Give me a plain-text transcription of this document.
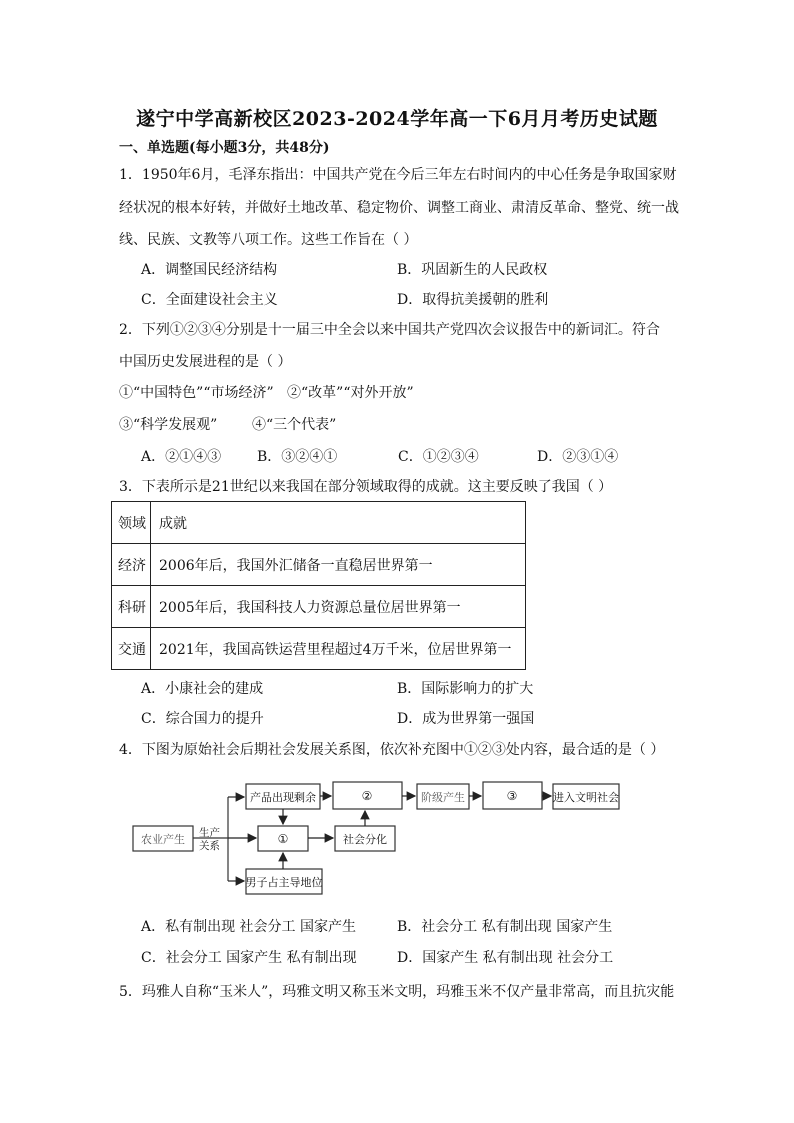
遂宁中学高新校区2023-2024学年高一下6月月考历史试题
一、单选题(每小题3分，共48分)
1．1950年6月，毛泽东指出：中国共产党在今后三年左右时间内的中心任务是争取国家财
经状况的根本好转，并做好土地改革、稳定物价、调整工商业、肃清反革命、整党、统一战
线、民族、文教等八项工作。这些工作旨在（ ）
A．调整国民经济结构	B．巩固新生的人民政权
C．全面建设社会主义	D．取得抗美援朝的胜利
2．下列①②③④分别是十一届三中全会以来中国共产党四次会议报告中的新词汇。符合
中国历史发展进程的是（ ）
①“中国特色”“市场经济” ②“改革”“对外开放”
③“科学发展观” ④“三个代表”
A．②①④③	B．③②④①	C．①②③④	D．②③①④
3．下表所示是21世纪以来我国在部分领域取得的成就。这主要反映了我国（ ）
领域	成就
经济	2006年后，我国外汇储备一直稳居世界第一
科研	2005年后，我国科技人力资源总量位居世界第一
交通	2021年，我国高铁运营里程超过4万千米，位居世界第一
A．小康社会的建成	B．国际影响力的扩大
C．综合国力的提升	D．成为世界第一强国
4．下图为原始社会后期社会发展关系图，依次补充图中①②③处内容，最合适的是（ ）
农业产生 生产
关系
产品出现剩余	②	阶级产生	③	进入文明社会
①	社会分化
男子占主导地位
A．私有制出现 社会分工 国家产生	B．社会分工 私有制出现 国家产生
C．社会分工 国家产生 私有制出现	D．国家产生 私有制出现 社会分工
5．玛雅人自称“玉米人”，玛雅文明又称玉米文明，玛雅玉米不仅产量非常高，而且抗灾能
